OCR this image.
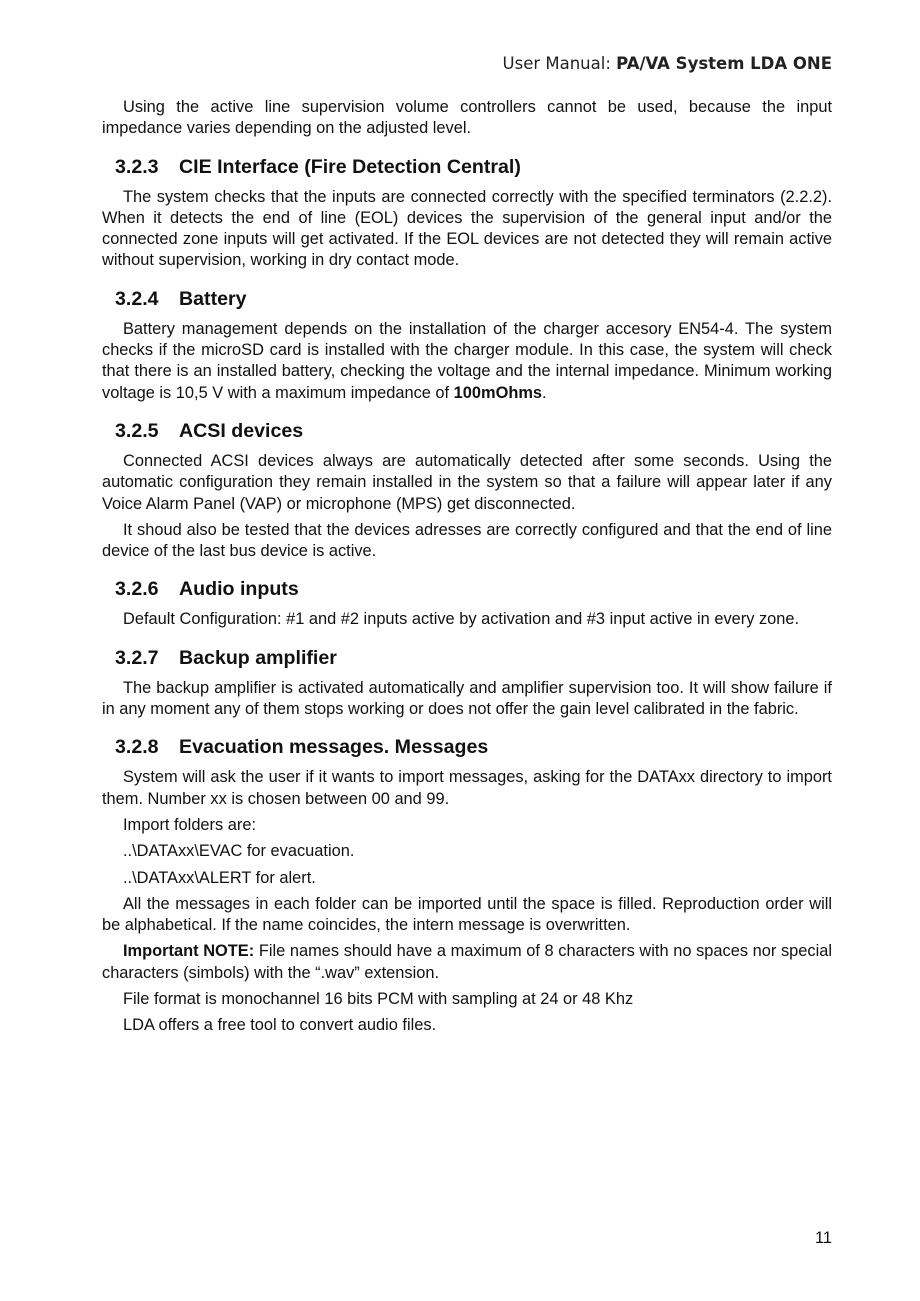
User Manual: PA/VA System LDA ONE

Using the active line supervision volume controllers cannot be used, because the input impedance varies depending on the adjusted level.

3.2.3 CIE Interface (Fire Detection Central)

The system checks that the inputs are connected correctly with the specified terminators (2.2.2). When it detects the end of line (EOL) devices the supervision of the general input and/or the connected zone inputs will get activated. If the EOL devices are not detected they will remain active without supervision, working in dry contact mode.

3.2.4 Battery

Battery management depends on the installation of the charger accesory EN54-4. The system checks if the microSD card is installed with the charger module. In this case, the system will check that there is an installed battery, checking the voltage and the internal impedance. Minimum working voltage is 10,5 V with a maximum impedance of 100mOhms.

3.2.5 ACSI devices

Connected ACSI devices always are automatically detected after some seconds. Using the automatic configuration they remain installed in the system so that a failure will appear later if any Voice Alarm Panel (VAP) or microphone (MPS) get disconnected.

It shoud also be tested that the devices adresses are correctly configured and that the end of line device of the last bus device is active.

3.2.6 Audio inputs

Default Configuration: #1 and #2 inputs active by activation and #3 input active in every zone.

3.2.7 Backup amplifier

The backup amplifier is activated automatically and amplifier supervision too. It will show failure if in any moment any of them stops working or does not offer the gain level calibrated in the fabric.

3.2.8 Evacuation messages. Messages

System will ask the user if it wants to import messages, asking for the DATAxx directory to import them. Number xx is chosen between 00 and 99.

Import folders are:

..\DATAxx\EVAC for evacuation.

..\DATAxx\ALERT for alert.

All the messages in each folder can be imported until the space is filled. Reproduction order will be alphabetical. If the name coincides, the intern message is overwritten.

Important NOTE: File names should have a maximum of 8 characters with no spaces nor special characters (simbols) with the “.wav” extension.

File format is monochannel 16 bits PCM with sampling at 24 or 48 Khz

LDA offers a free tool to convert audio files.

11
